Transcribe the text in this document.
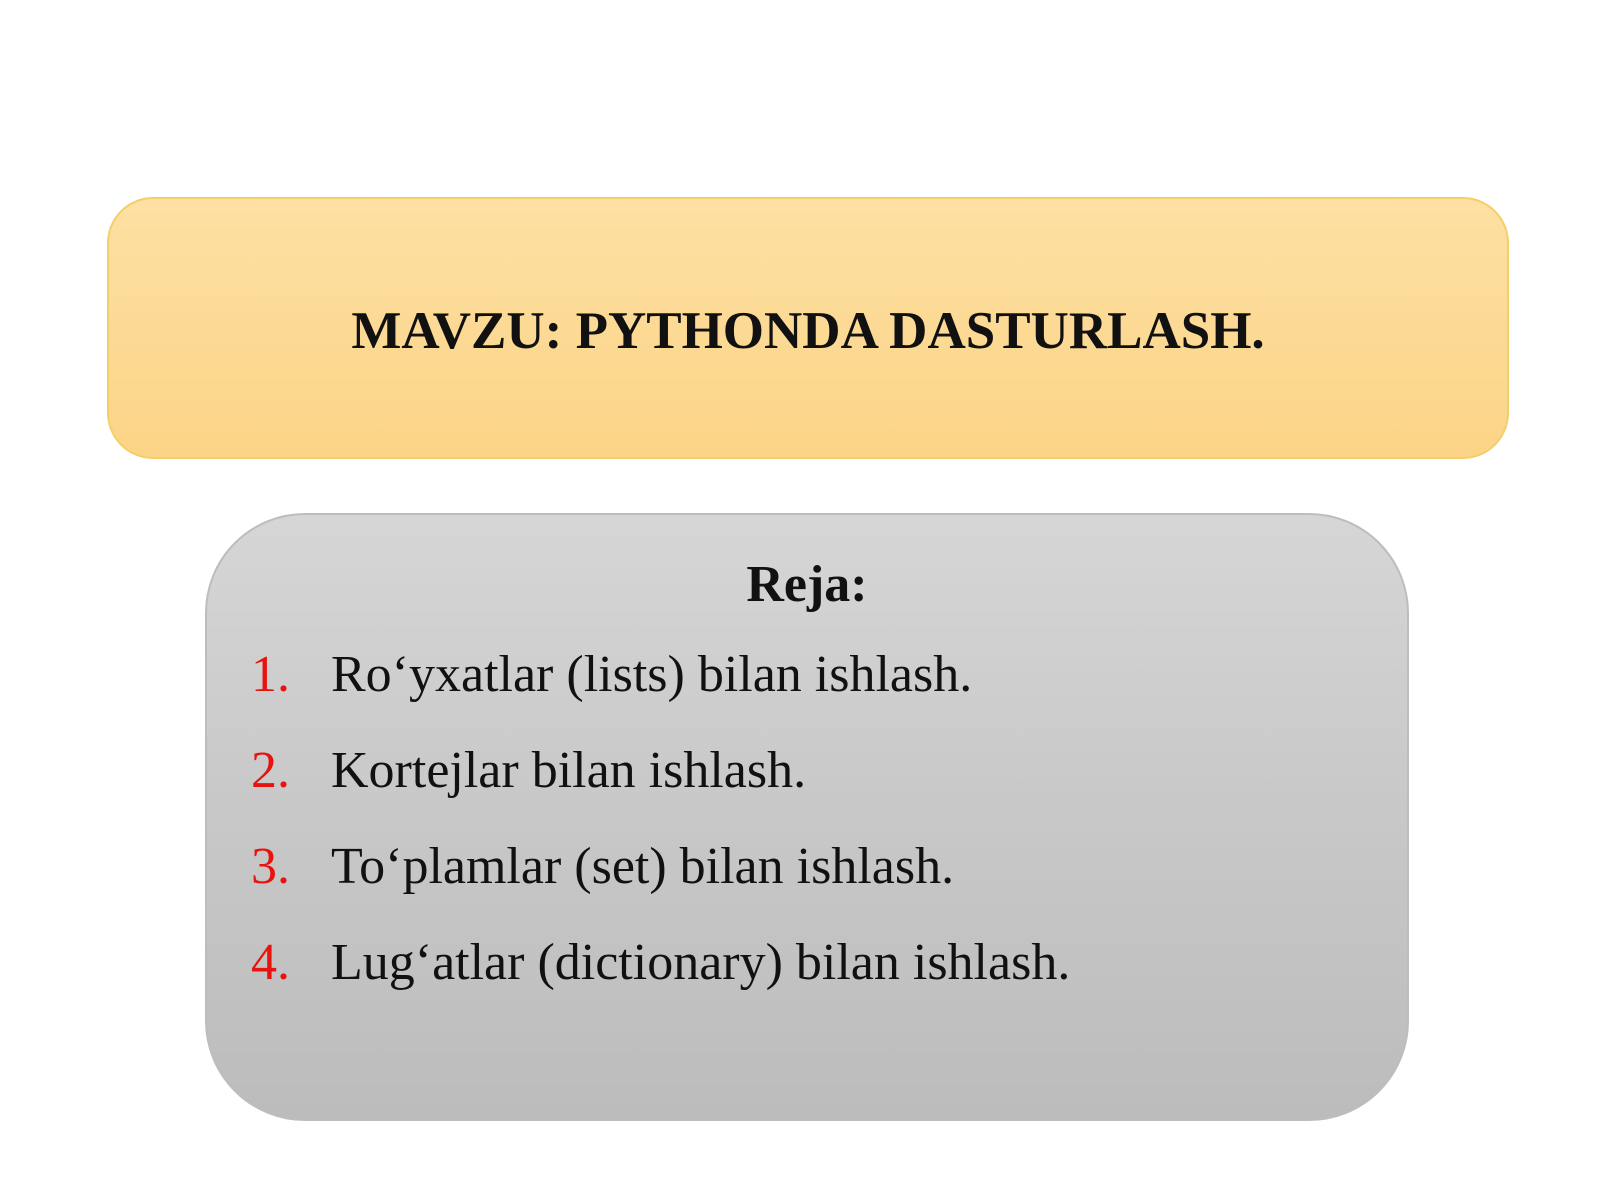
MAVZU: PYTHONDA DASTURLASH.
Reja:
1. Ro‘yxatlar (lists) bilan ishlash.
2. Kortejlar bilan ishlash.
3. To‘plamlar (set) bilan ishlash.
4. Lug‘atlar (dictionary) bilan ishlash.
